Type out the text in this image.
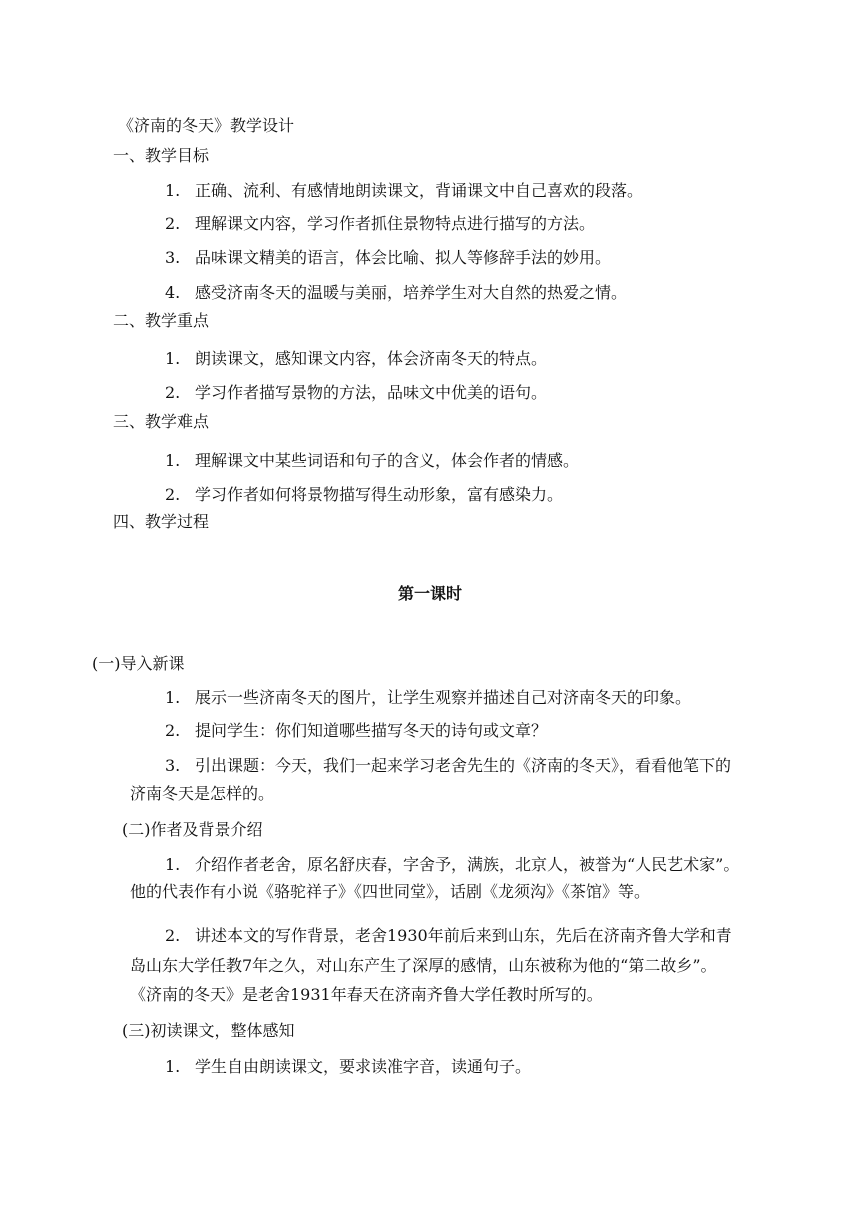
《济南的冬天》教学设计
一、教学目标
1. 正确、流利、有感情地朗读课文，背诵课文中自己喜欢的段落。
2. 理解课文内容，学习作者抓住景物特点进行描写的方法。
3. 品味课文精美的语言，体会比喻、拟人等修辞手法的妙用。
4. 感受济南冬天的温暖与美丽，培养学生对大自然的热爱之情。
二、教学重点
1. 朗读课文，感知课文内容，体会济南冬天的特点。
2. 学习作者描写景物的方法，品味文中优美的语句。
三、教学难点
1. 理解课文中某些词语和句子的含义，体会作者的情感。
2. 学习作者如何将景物描写得生动形象，富有感染力。
四、教学过程
第一课时
(一)导入新课
1. 展示一些济南冬天的图片，让学生观察并描述自己对济南冬天的印象。
2. 提问学生：你们知道哪些描写冬天的诗句或文章？
3. 引出课题：今天，我们一起来学习老舍先生的《济南的冬天》，看看他笔下的
济南冬天是怎样的。
(二)作者及背景介绍
1. 介绍作者老舍，原名舒庆春，字舍予，满族，北京人，被誉为“人民艺术家”。
他的代表作有小说《骆驼祥子》《四世同堂》，话剧《龙须沟》《茶馆》等。
2. 讲述本文的写作背景，老舍1930年前后来到山东，先后在济南齐鲁大学和青
岛山东大学任教7年之久，对山东产生了深厚的感情，山东被称为他的“第二故乡”。
《济南的冬天》是老舍1931年春天在济南齐鲁大学任教时所写的。
(三)初读课文，整体感知
1. 学生自由朗读课文，要求读准字音，读通句子。
